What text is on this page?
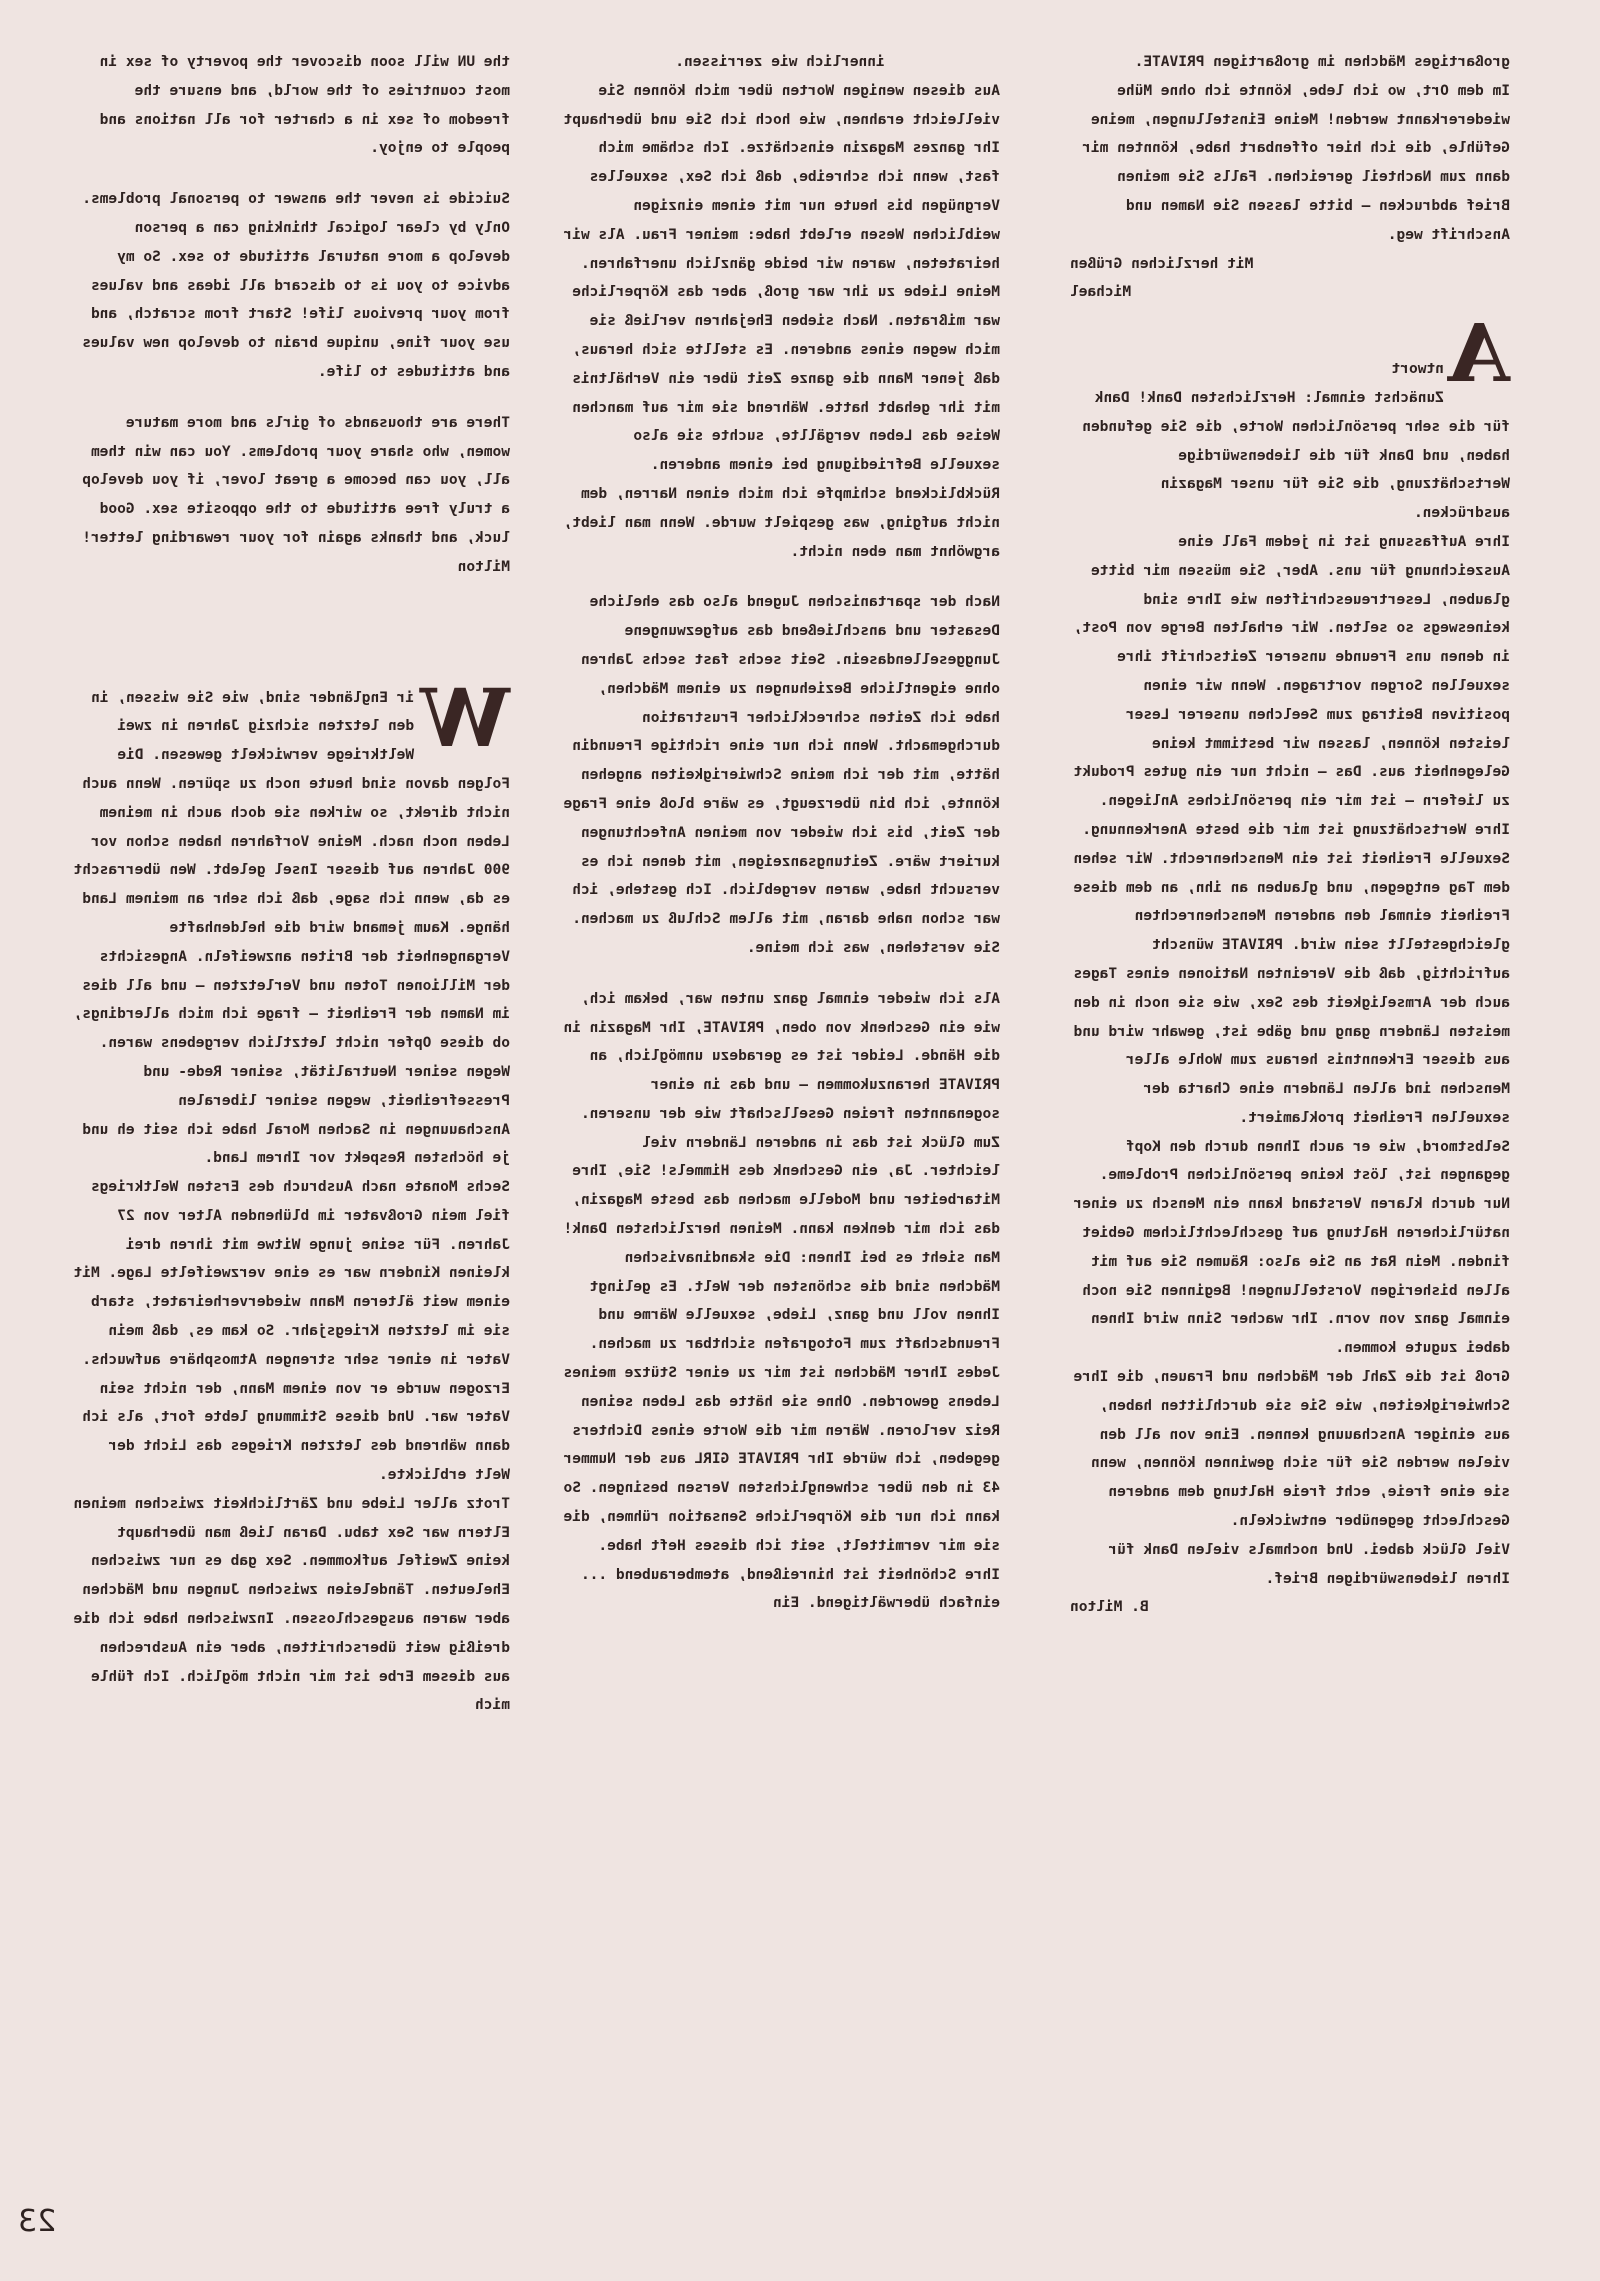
the UN will soon discover the poverty of sex in most countries of the world, and ensure the freedom of sex in a charter for all nations and people to enjoy.

Suicide is never the answer to personal problems. Only by clear logical thinking can a person develop a more natural attitude to sex. So my advice to you is to discard all ideas and values from your previous life! Start from scratch, and use your fine, unique brain to develop new values and attitudes to life.

There are thousands of girls and more mature women, who share your problems. You can win them all, you can become a great lover, if you develop a truly free attitude to the opposite sex. Good luck, and thanks again for your rewarding letter! Milton

W

ir Engländer sind, wie Sie wissen, in den letzten sichzig Jahren in zwei Weltkriege verwickelt gewesen. Die Folgen davon sind heute noch zu spüren. Wenn auch nicht direkt, so wirken sie doch auch in meinem Leben noch nach. Meine Vorfahren haben schon vor 900 Jahren auf dieser Insel gelebt. Wen überrascht es da, wenn ich sage, daß ich sehr an meinem Land hänge. Kaum jemand wird die heldenhafte Vergangenheit der Briten anzweifeln. Angesichts der Millionen Toten und Verletzten – und all dies im Namen der Freiheit – frage ich mich allerdings, ob diese Opfer nicht letztlich vergebens waren.

Wegen seiner Neutralität, seiner Rede- und Pressefreiheit, wegen seiner liberalen Anschauungen in Sachen Moral habe ich seit eh und je höchsten Respekt vor Ihrem Land.

Sechs Monate nach Ausbruch des Ersten Weltkriegs fiel mein Großvater im blühenden Alter von 27 Jahren. Für seine junge Witwe mit ihren drei kleinen Kindern war es eine verzweifelte Lage. Mit einem weit älteren Mann wiederverheiratet, starb sie im letzten Kriegsjahr. So kam es, daß mein Vater in einer sehr strengen Atmosphäre aufwuchs. Erzogen wurde er von einem Mann, der nicht sein Vater war. Und diese Stimmung lebte fort, als ich dann während des letzten Krieges das Licht der Welt erblickte.

Trotz aller Liebe und Zärtlichkeit zwischen meinen Eltern war Sex tabu. Daran ließ man überhaupt keine Zweifel aufkommen. Sex gab es nur zwischen Eheleuten. Tändeleien zwischen Jungen und Mädchen aber waren ausgeschlossen. Inzwischen habe ich die dreißig weit überschritten, aber ein Ausbrechen aus diesem Erbe ist mir nicht möglich. Ich fühle mich

innerlich wie zerrissen.

Aus diesen wenigen Worten über mich können Sie vielleicht erahnen, wie hoch ich Sie und überhaupt Ihr ganzes Magazin einschätze. Ich schäme mich fast, wenn ich schreibe, daß ich Sex, sexuelles Vergnügen bis heute nur mit einem einzigen weiblichen Wesen erlebt habe: meiner Frau. Als wir heirateten, waren wir beide gänzlich unerfahren. Meine Liebe zu ihr war groß, aber das Körperliche war mißraten. Nach sieben Ehejahren verließ sie mich wegen eines anderen. Es stellte sich heraus, daß jener Mann die ganze Zeit über ein Verhältnis mit ihr gehabt hatte. Während sie mir auf manchen Weise das Leben vergällte, suchte sie also sexuelle Befriedigung bei einem anderen. Rückblickend schimpfe ich mich einen Narren, dem nicht aufging, was gespielt wurde. Wenn man liebt, argwöhnt man eben nicht.

Nach der spartanischen Jugend also das eheliche Desaster und anschließend das aufgezwungene Junggesellendasein. Seit sechs fast sechs Jahren ohne eigentliche Beziehungen zu einem Mädchen, habe ich Zeiten schrecklicher Frustration durchgemacht. Wenn ich nur eine richtige Freundin hätte, mit der ich meine Schwierigkeiten angehen könnte, ich bin überzeugt, es wäre bloß eine Frage der Zeit, bis ich wieder von meinen Anfechtungen kuriert wäre. Zeitungsanzeigen, mit denen ich es versucht habe, waren vergeblich. Ich gestehe, ich war schon nahe daran, mit allem Schluß zu machen. Sie verstehen, was ich meine.

Als ich wieder einmal ganz unten war, bekam ich, wie ein Geschenk von oben, PRIVATE, Ihr Magazin in die Hände. Leider ist es geradezu unmöglich, an PRIVATE heranzukommen – und das in einer sogenannten freien Gesellschaft wie der unseren. Zum Glück ist das in anderen Ländern viel leichter. Ja, ein Geschenk des Himmels! Sie, Ihre Mitarbeiter und Modelle machen das beste Magazin, das ich mir denken kann. Meinen herzlichsten Dank! Man sieht es bei Ihnen: Die skandinavischen Mädchen sind die schönsten der Welt. Es gelingt Ihnen voll und ganz, Liebe, sexuelle Wärme und Freundschaft zum Fotografen sichtbar zu machen.

Jedes Ihrer Mädchen ist mir zu einer Stütze meines Lebens geworden. Ohne sie hätte das Leben seinen Reiz verloren. Wären mir die Worte eines Dichters gegeben, ich würde Ihr PRIVATE GIRL aus der Nummer 43 in den über schwenglichsten Versen besingen. So kann ich nur die Körperliche Sensation rühmen, die sie mir vermittelt, seit ich dieses Heft habe. Ihre Schönheit ist hinreißend, atemberaubend ... einfach überwältigend. Ein

großartiges Mädchen im großartigen PRIVATE.

Im dem Ort, wo ich lebe, könnte ich ohne Mühe wiedererkannt werden! Meine Einstellungen, meine Gefühle, die ich hier offenbart habe, könnten mir dann zum Nachteil gereichen. Falls Sie meinen Brief abdrucken – bitte lassen Sie Namen und Anschrift weg.

Mit herzlichen Grüßen

Michael

A

ntwort

Zunächst einmal: Herzlichsten Dank! Dank für die sehr persönlichen Worte, die Sie gefunden haben, und Dank für die liebenswürdige Wertschätzung, die Sie für unser Magazin ausdrücken.

Ihre Auffassung ist in jedem Fall eine Auszeichnung für uns. Aber, Sie müssen mir bitte glauben, Lesertreueschriften wie Ihre sind keineswegs so selten. Wir erhalten Berge von Post, in denen uns Freunde unserer Zeitschrift ihre sexuellen Sorgen vortragen. Wenn wir einen positiven Beitrag zum Seelchen unserer Leser leisten können, lassen wir bestimmt keine Gelegenheit aus. Das – nicht nur ein gutes Produkt zu liefern – ist mir ein persönliches Anliegen. Ihre Wertschätzung ist mir die beste Anerkennung.

Sexuelle Freiheit ist ein Menschenrecht. Wir sehen dem Tag entgegen, und glauben an ihn, an dem diese Freiheit einmal den anderen Menschenrechten gleichgestellt sein wird. PRIVATE wünscht aufrichtig, daß die Vereinten Nationen eines Tages auch der Armseligkeit des Sex, wie sie noch in den meisten Ländern gang und gäbe ist, gewahr wird und aus dieser Erkenntnis heraus zum Wohle aller Menschen ind allen Ländern eine Charta der sexuellen Freiheit proklamiert.

Selbstmord, wie er auch Ihnen durch den Kopf gegangen ist, löst keine persönlichen Probleme. Nur durch klaren Verstand kann ein Mensch zu einer natürlicheren Haltung auf geschlechtlichem Gebiet finden. Mein Rat an Sie also: Räumen Sie auf mit allen bisherigen Vorstellungen! Beginnen Sie noch einmal ganz von vorn. Ihr wacher Sinn wird Ihnen dabei zugute kommen.

Groß ist die Zahl der Mädchen und Frauen, die Ihre Schwierigkeiten, wie Sie sie durchlitten haben, aus einiger Anschauung kennen. Eine von all den vielen werden Sie für sich gewinnen können, wenn sie eine freie, echt freie Haltung dem anderen Geschlecht gegenüber entwickeln.

Viel Glück dabei. Und nochmals vielen Dank für Ihren liebenswürdigen Brief.

B. Milton

23
